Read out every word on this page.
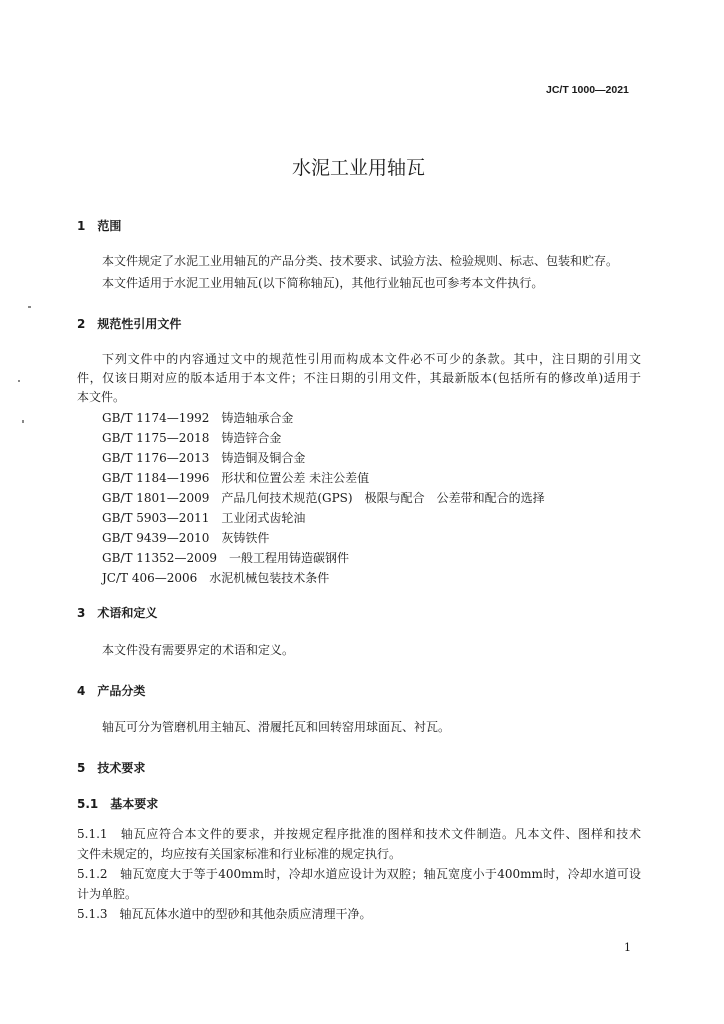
JC/T 1000—2021
水泥工业用轴瓦
1　范围
本文件规定了水泥工业用轴瓦的产品分类、技术要求、试验方法、检验规则、标志、包装和贮存。
本文件适用于水泥工业用轴瓦(以下简称轴瓦)，其他行业轴瓦也可参考本文件执行。
2　规范性引用文件
下列文件中的内容通过文中的规范性引用而构成本文件必不可少的条款。其中，注日期的引用文
件，仅该日期对应的版本适用于本文件；不注日期的引用文件，其最新版本(包括所有的修改单)适用于
本文件。
GB/T 1174—1992　铸造轴承合金
GB/T 1175—2018　铸造锌合金
GB/T 1176—2013　铸造铜及铜合金
GB/T 1184—1996　形状和位置公差 未注公差值
GB/T 1801—2009　产品几何技术规范(GPS)　极限与配合　公差带和配合的选择
GB/T 5903—2011　工业闭式齿轮油
GB/T 9439—2010　灰铸铁件
GB/T 11352—2009　一般工程用铸造碳钢件
JC/T 406—2006　水泥机械包装技术条件
3　术语和定义
本文件没有需要界定的术语和定义。
4　产品分类
轴瓦可分为管磨机用主轴瓦、滑履托瓦和回转窑用球面瓦、衬瓦。
5　技术要求
5.1　基本要求
5.1.1　轴瓦应符合本文件的要求，并按规定程序批准的图样和技术文件制造。凡本文件、图样和技术
文件未规定的，均应按有关国家标准和行业标准的规定执行。
5.1.2　轴瓦宽度大于等于400mm时，冷却水道应设计为双腔；轴瓦宽度小于400mm时，冷却水道可设
计为单腔。
5.1.3　轴瓦瓦体水道中的型砂和其他杂质应清理干净。
1
